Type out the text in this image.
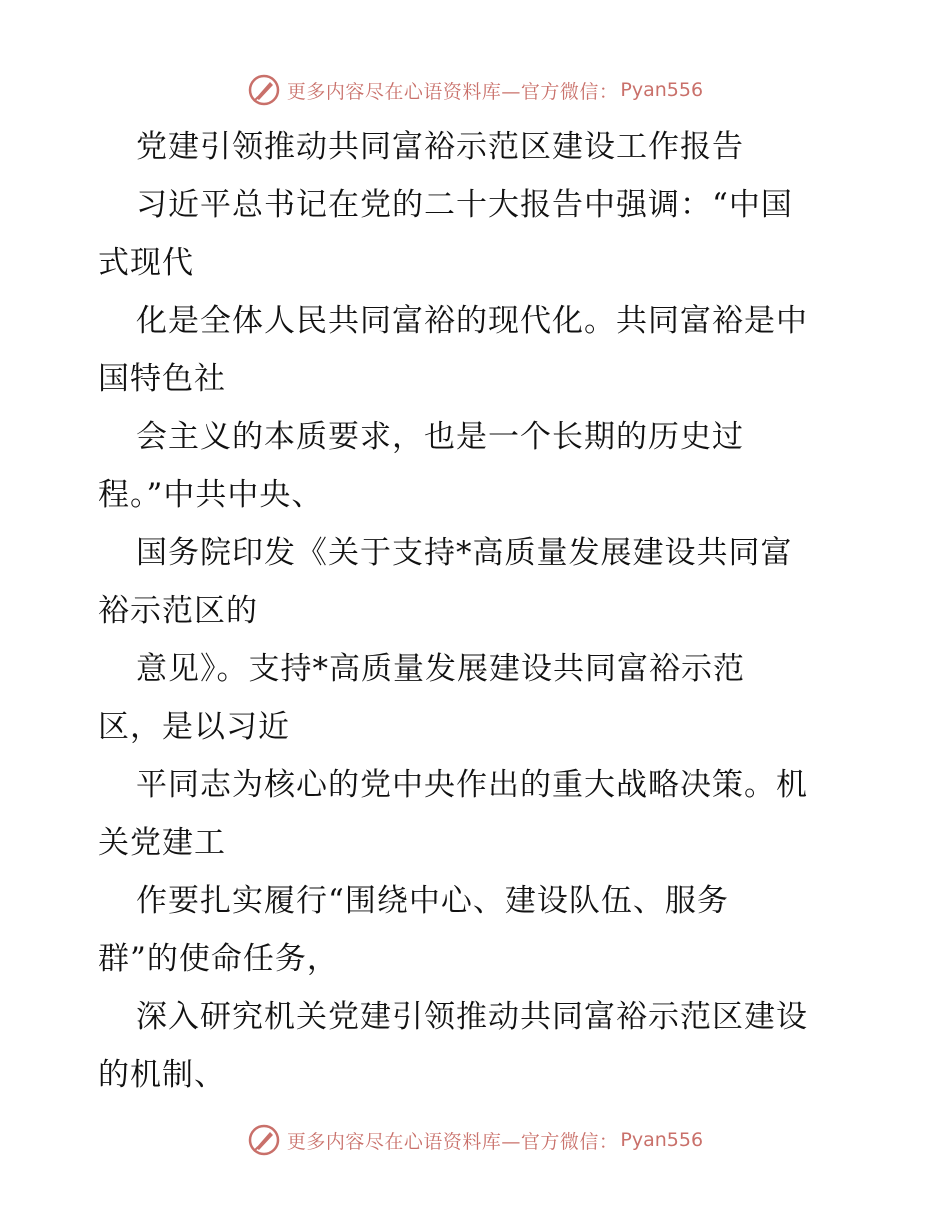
更多内容尽在心语资料库—官方微信： Pyan556
党建引领推动共同富裕示范区建设工作报告
习近平总书记在党的二十大报告中强调：“中国
式现代
化是全体人民共同富裕的现代化。共同富裕是中
国特色社
会主义的本质要求，也是一个长期的历史过
程。”中共中央、
国务院印发《关于支持*高质量发展建设共同富
裕示范区的
意见》。支持*高质量发展建设共同富裕示范
区，是以习近
平同志为核心的党中央作出的重大战略决策。机
关党建工
作要扎实履行“围绕中心、建设队伍、服务
群”的使命任务，
深入研究机关党建引领推动共同富裕示范区建设
的机制、
更多内容尽在心语资料库—官方微信： Pyan556
